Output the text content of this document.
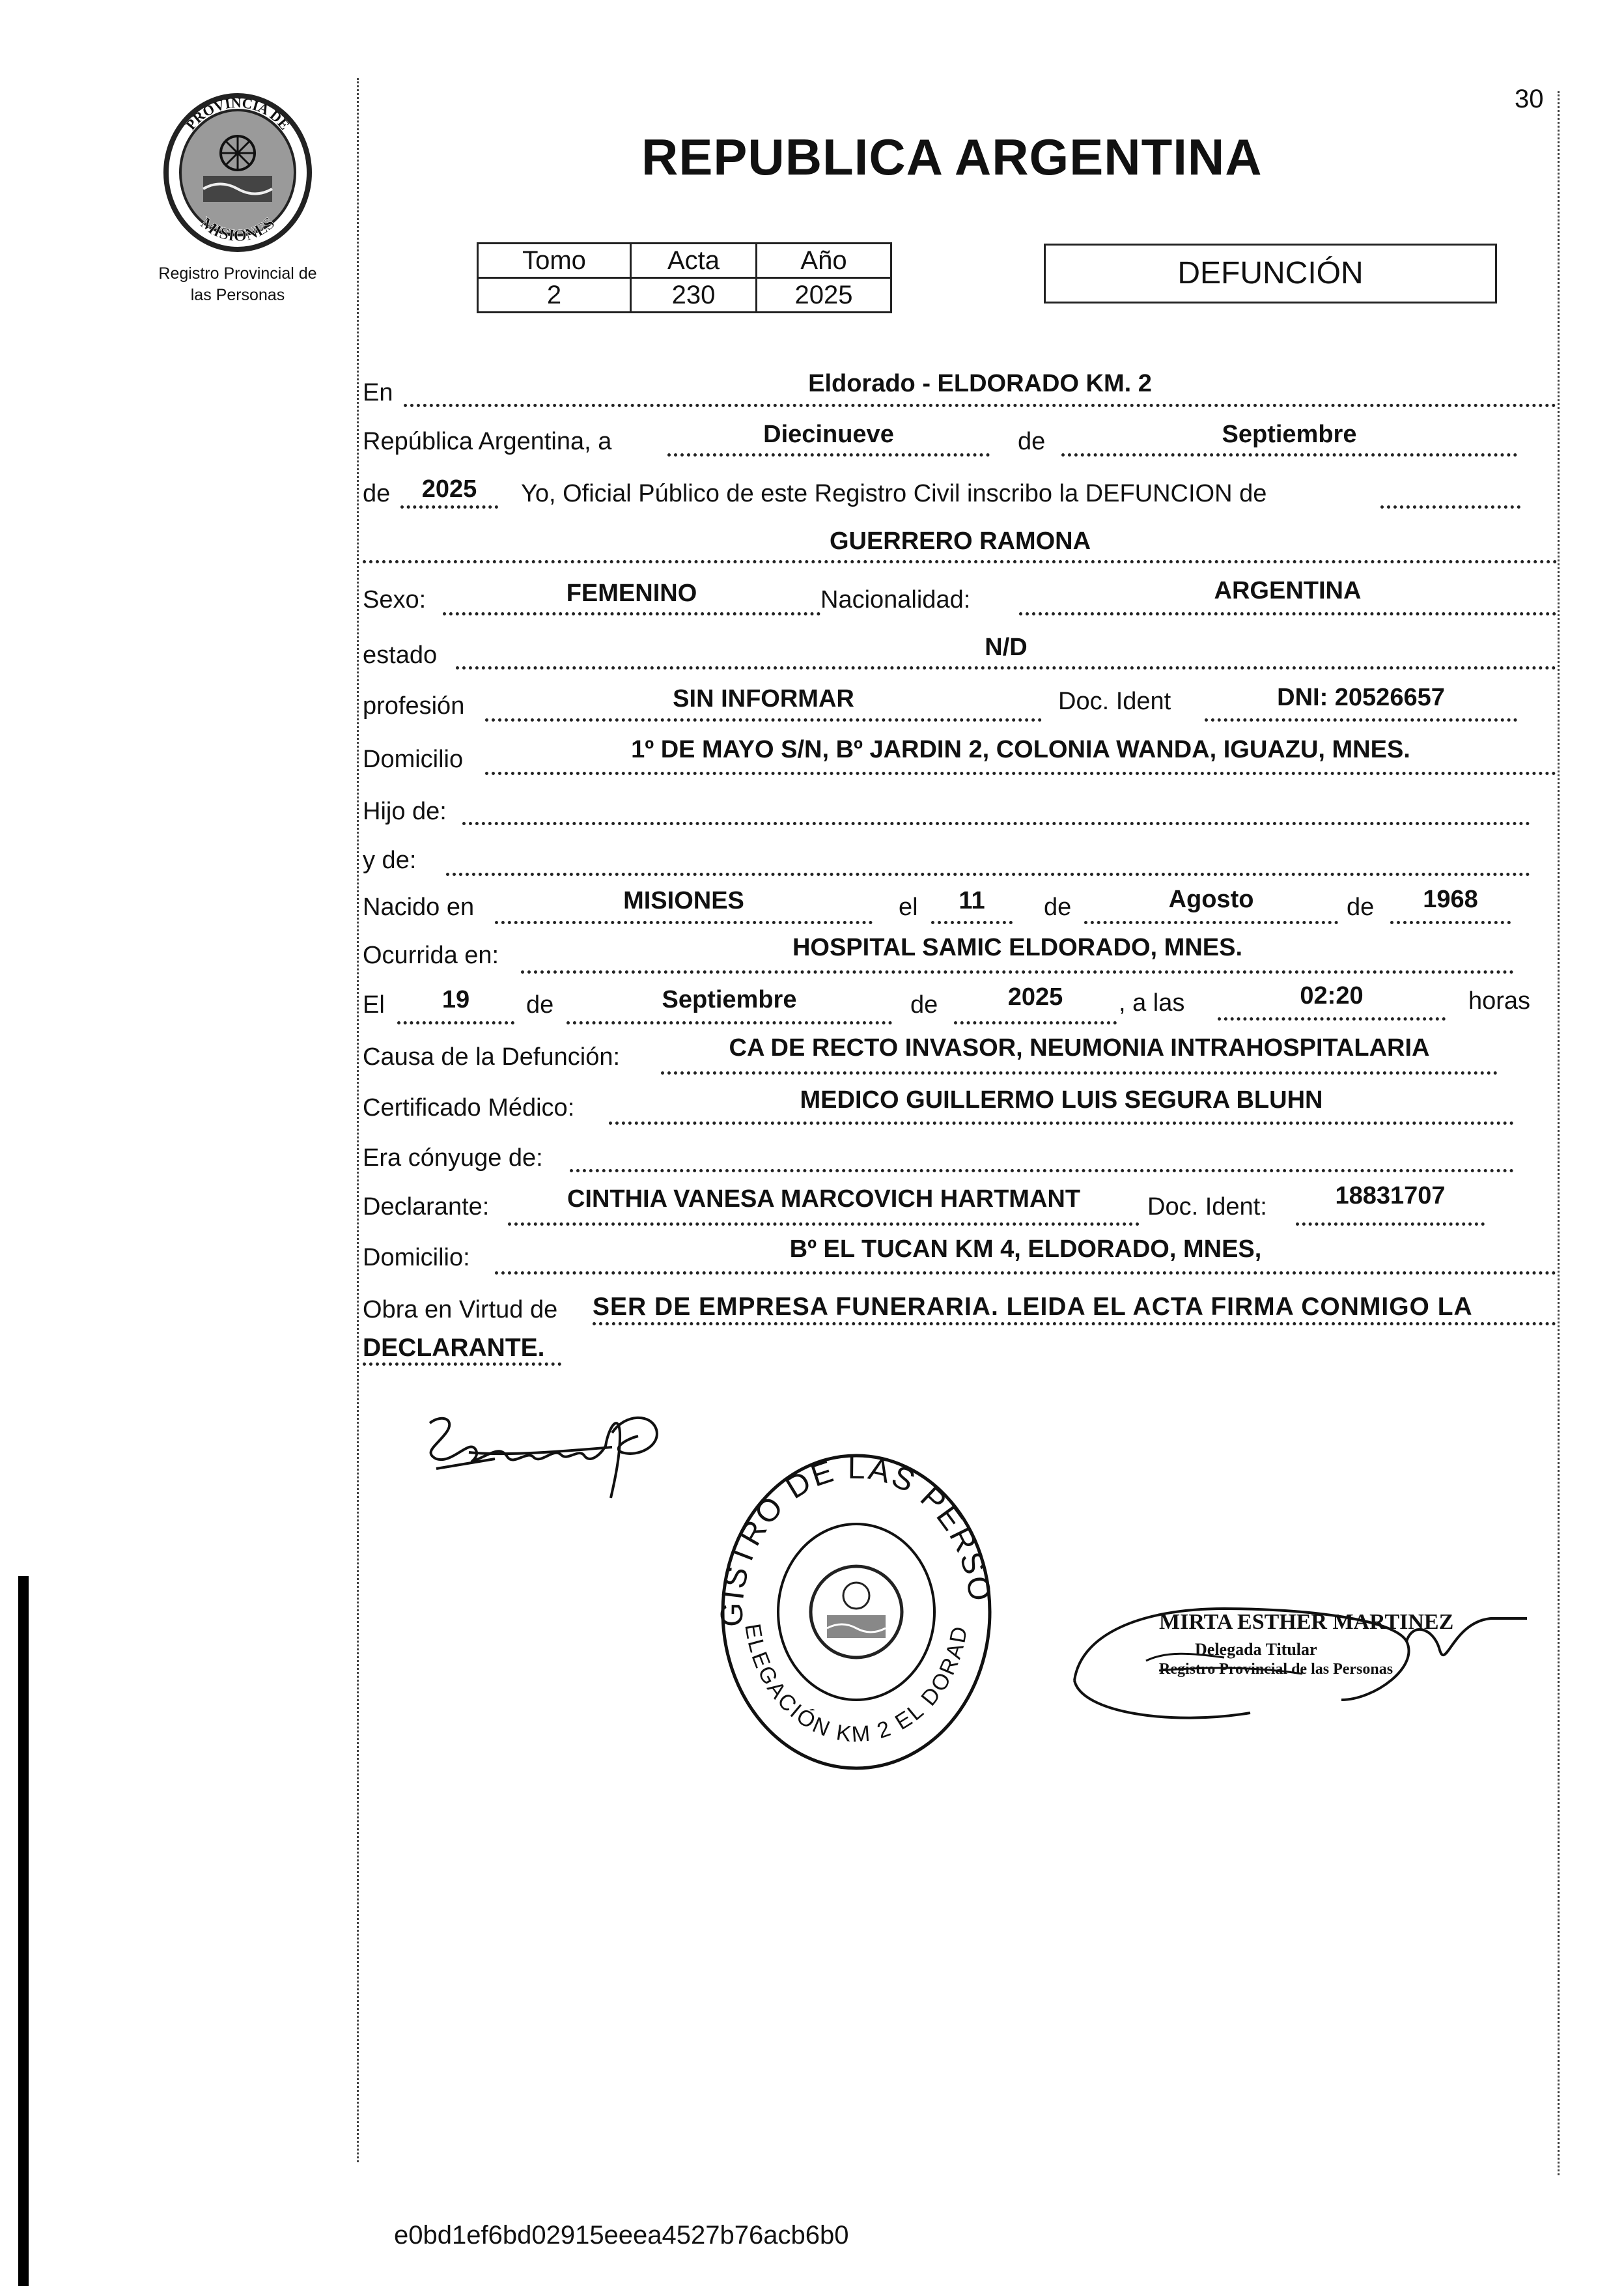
30
PROVINCIA DE
MISIONES
Registro Provincial de
las Personas
REPUBLICA ARGENTINA
Tomo	Acta	Año
2	230	2025
DEFUNCIÓN
En	Eldorado - ELDORADO KM. 2
República Argentina, a	Diecinueve	de	Septiembre
de	2025	Yo, Oficial Público de este Registro Civil inscribo la DEFUNCION de
GUERRERO RAMONA
Sexo:	FEMENINO	Nacionalidad:	ARGENTINA
estado	N/D
profesión	SIN INFORMAR	Doc. Ident	DNI: 20526657
Domicilio	1º DE MAYO S/N, Bº JARDIN 2, COLONIA WANDA, IGUAZU, MNES.
Hijo de:
y de:
Nacido en	MISIONES	el	11	de	Agosto	de	1968
Ocurrida en:	HOSPITAL SAMIC ELDORADO, MNES.
El	19	de	Septiembre	de	2025	, a las	02:20	horas
Causa de la Defunción:	CA DE RECTO INVASOR, NEUMONIA INTRAHOSPITALARIA
Certificado Médico:	MEDICO GUILLERMO LUIS SEGURA BLUHN
Era cónyuge de:
Declarante:	CINTHIA VANESA MARCOVICH HARTMANT	Doc. Ident:	18831707
Domicilio:	Bº EL TUCAN KM 4, ELDORADO, MNES,
Obra en Virtud de SER DE EMPRESA FUNERARIA. LEIDA EL ACTA FIRMA CONMIGO LA
DECLARANTE.
GISTRO DE LAS PERSO
ELEGACIÓN KM 2 EL DORAD	MIRTA ESTHER MARTINEZ
Delegada Titular
Registro Provincial de las Personas
e0bd1ef6bd02915eeea4527b76acb6b0
